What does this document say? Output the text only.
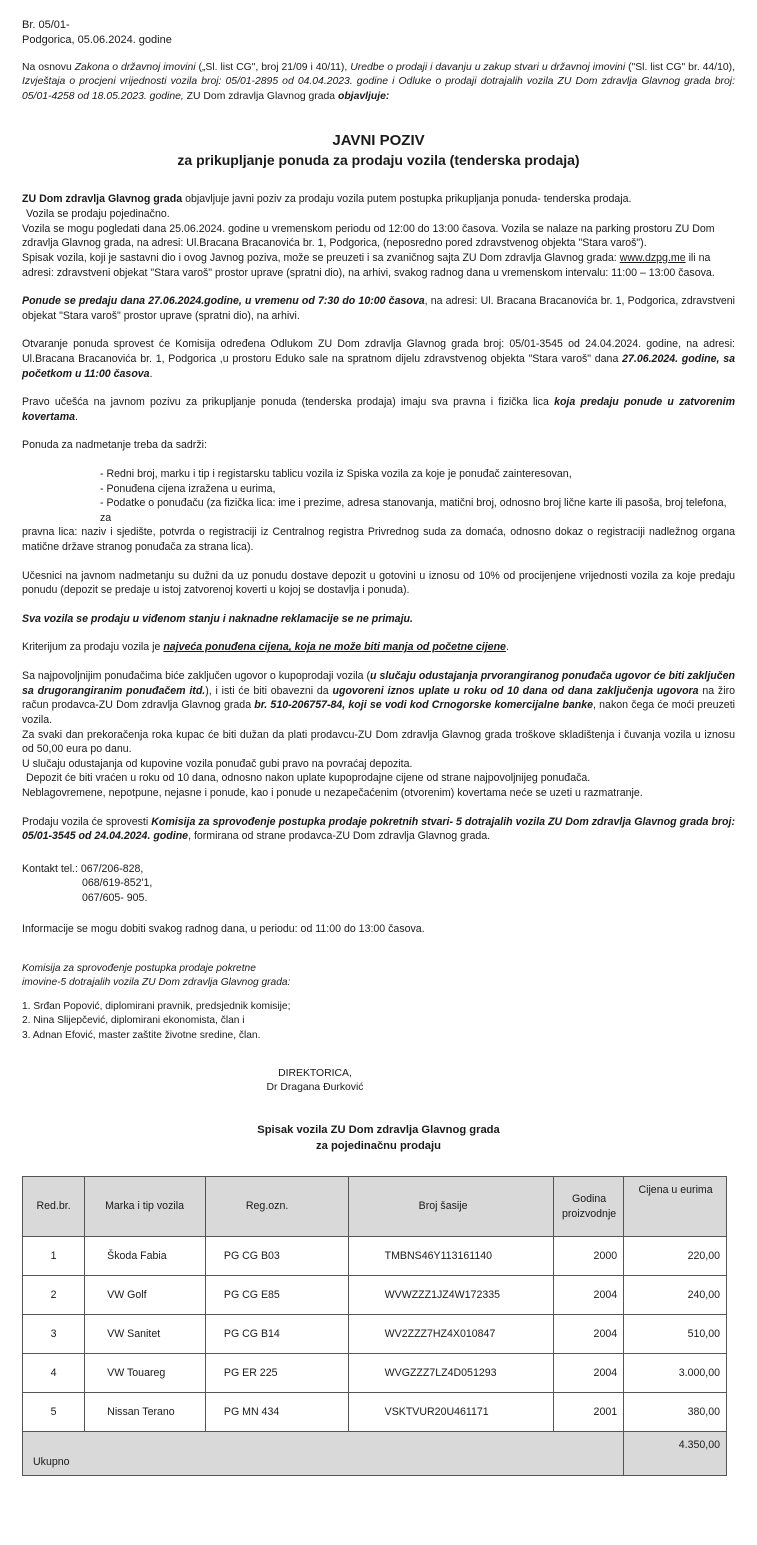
Br. 05/01-

Podgorica, 05.06.2024. godine

Na osnovu Zakona o državnoj imovini („Sl. list CG", broj 21/09 i 40/11), Uredbe o prodaji i davanju u zakup stvari u državnoj imovini ("Sl. list CG" br. 44/10), Izvještaja o procjeni vrijednosti vozila broj: 05/01-2895 od 04.04.2023. godine i Odluke o prodaji dotrajalih vozila ZU Dom zdravlja Glavnog grada broj: 05/01-4258 od 18.05.2023. godine, ZU Dom zdravlja Glavnog grada objavljuje:

JAVNI POZIV
za prikupljanje ponuda za prodaju vozila (tenderska prodaja)

ZU Dom zdravlja Glavnog grada objavljuje javni poziv za prodaju vozila putem postupka prikupljanja ponuda- tenderska prodaja.

Vozila se prodaju pojedinačno.

Vozila se mogu pogledati dana 25.06.2024. godine u vremenskom periodu od 12:00 do 13:00 časova. Vozila se nalaze na parking prostoru ZU Dom zdravlja Glavnog grada, na adresi: Ul.Bracana Bracanovića br. 1, Podgorica, (neposredno pored zdravstvenog objekta "Stara varoš").

Spisak vozila, koji je sastavni dio i ovog Javnog poziva, može se preuzeti i sa zvaničnog sajta ZU Dom zdravlja Glavnog grada: www.dzpg.me ili na adresi: zdravstveni objekat "Stara varoš" prostor uprave (spratni dio), na arhivi, svakog radnog dana u vremenskom intervalu: 11:00 – 13:00 časova.

Ponude se predaju dana 27.06.2024.godine, u vremenu od 7:30 do 10:00 časova, na adresi: Ul. Bracana Bracanovića br. 1, Podgorica, zdravstveni objekat "Stara varoš" prostor uprave (spratni dio), na arhivi.

Otvaranje ponuda sprovest će Komisija određena Odlukom ZU Dom zdravlja Glavnog grada broj: 05/01-3545 od 24.04.2024. godine, na adresi: Ul.Bracana Bracanovića br. 1, Podgorica ,u prostoru Eduko sale na spratnom dijelu zdravstvenog objekta "Stara varoš" dana 27.06.2024. godine, sa početkom u 11:00 časova.

Pravo učešća na javnom pozivu za prikupljanje ponuda (tenderska prodaja) imaju sva pravna i fizička lica koja predaju ponude u zatvorenim kovertama.

Ponuda za nadmetanje treba da sadrži:

- Redni broj, marku i tip i registarsku tablicu vozila iz Spiska vozila za koje je ponuđač zainteresovan,

- Ponuđena cijena izražena u eurima,

- Podatke o ponuđaču (za fizička lica: ime i prezime, adresa stanovanja, matični broj, odnosno broj lične karte ili pasoša, broj telefona, za

pravna lica: naziv i sjedište, potvrda o registraciji iz Centralnog registra Privrednog suda za domaća, odnosno dokaz o registraciji nadležnog organa matične države stranog ponuđača za strana lica).

Učesnici na javnom nadmetanju su dužni da uz ponudu dostave depozit u gotovini u iznosu od 10% od procijenjene vrijednosti vozila za koje predaju ponudu (depozit se predaje u istoj zatvorenoj koverti u kojoj se dostavlja i ponuda).

Sva vozila se prodaju u viđenom stanju i naknadne reklamacije se ne primaju.

Kriterijum za prodaju vozila je najveća ponuđena cijena, koja ne može biti manja od početne cijene.

Sa najpovoljnijim ponuđačima biće zaključen ugovor o kupoprodaji vozila (u slučaju odustajanja prvorangiranog ponuđača ugovor će biti zaključen sa drugorangiranim ponuđačem itd.), i isti će biti obavezni da ugovoreni iznos uplate u roku od 10 dana od dana zaključenja ugovora na žiro račun prodavca-ZU Dom zdravlja Glavnog grada br. 510-206757-84, koji se vodi kod Crnogorske komercijalne banke, nakon čega će moći preuzeti vozila.

Za svaki dan prekoračenja roka kupac će biti dužan da plati prodavcu-ZU Dom zdravlja Glavnog grada troškove skladištenja i čuvanja vozila u iznosu od 50,00 eura po danu.

U slučaju odustajanja od kupovine vozila ponuđač gubi pravo na povraćaj depozita.

Depozit će biti vraćen u roku od 10 dana, odnosno nakon uplate kupoprodajne cijene od strane najpovoljnijeg ponuđača.

Neblagovremene, nepotpune, nejasne i ponude, kao i ponude u nezapečaćenim (otvorenim) kovertama neće se uzeti u razmatranje.

Prodaju vozila će sprovesti Komisija za sprovođenje postupka prodaje pokretnih stvari- 5 dotrajalih vozila ZU Dom zdravlja Glavnog grada broj: 05/01-3545 od 24.04.2024. godine, formirana od strane prodavca-ZU Dom zdravlja Glavnog grada.

Kontakt tel.: 067/206-828,

068/619-852'1,

067/605- 905.

Informacije se mogu dobiti svakog radnog dana, u periodu: od 11:00 do 13:00 časova.

Komisija za sprovođenje postupka prodaje pokretne

imovine-5 dotrajalih vozila ZU Dom zdravlja Glavnog grada:

1. Srđan Popović, diplomirani pravnik, predsjednik komisije;

2. Nina Slijepčević, diplomirani ekonomista, član i

3. Adnan Efović, master zaštite životne sredine, član.

DIREKTORICA,

Dr Dragana Đurković

Spisak vozila ZU Dom zdravlja Glavnog grada

za pojedinačnu prodaju

Red.br.	Marka i tip vozila	Reg.ozn.	Broj šasije	Godina proizvodnje	Cijena u eurima
1	Škoda Fabia	PG CG B03	TMBNS46Y113161140	2000	220,00
2	VW Golf	PG CG E85	WVWZZZ1JZ4W172335	2004	240,00
3	VW Sanitet	PG CG B14	WV2ZZZ7HZ4X010847	2004	510,00
4	VW Touareg	PG ER 225	WVGZZZ7LZ4D051293	2004	3.000,00
5	Nissan Terano	PG MN 434	VSKTVUR20U461171	2001	380,00
Ukupno					4.350,00
